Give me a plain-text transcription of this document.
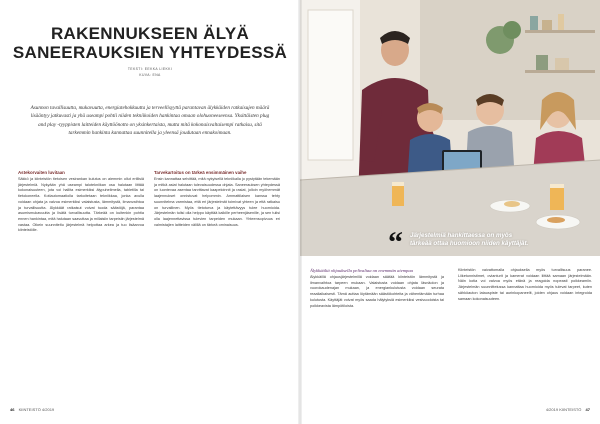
RAKENNUKSEEN ÄLYÄ SANEERAUKSIEN YHTEYDESSÄ
TEKSTI: EEKKA LIEKKI
KUVA: ENA

Asunnon tavallisuutta, mukavuutta, energiatehokkuutta ja terveellisyyttä parantavan älykkäiden ratkaisujen määrä lisääntyy jatkuvasti ja yhä useampi pohtii niiden tekniikoiden hankintaa omaan olohuoneeseensa. Yksittäisten plug and play -tyyppisten laitteiden käyttöönotto on yksinkertaista, mutta mitä kokonaisvaltaisempi ratkaisu, sitä tarkemmin hankinta kannattaa suunnitella ja yleensä joudutaan ennakoimaan.

Astekorvaiten luvitaan

Säkkö ja kiinteistön tietoisen vesirankan kulutus on aiemmin ollut erillisiä järjestelmiä. Nykyään yhä useampi talotekniikan osa halutaan liittää kokonaisuuteen, jota voi hallita esimerkiksi älypuhelimella, tabletilla tai tietokoneella. Kotiautomaatiolla tarkoitetaan tekniikkaa, jonka avulla voidaan ohjata ja valvoa esimerkiksi valaistusta, lämmitystä, ilmanvaihtoa ja turvallisuutta. Älykkäät ratkaisut voivat tuoda säästöjä, parantaa asumismukavuutta ja lisätä turvallisuutta. Tärkeää on kuitenkin pohtia ennen hankintaa, mitä halutaan saavuttaa ja millaisiin tarpeisiin järjestelmä vastaa. Oikein suunniteltu järjestelmä helpottaa arkea ja tuo lisäarvoa kiinteistölle.

Tarvekartoitus on tärkeä ensimmäinen vaihe

Ensin kannattaa selvittää, mitä nykyisellä tekniikalla jo pystytään tekemään ja mitkä asiat halutaan tulevaisuudessa ohjata. Saneerauksen yhteydessä on luontevaa asentaa tarvittavat kaapeloinnit ja rasiat, jolloin myöhemmät laajennukset onnistuvat helpommin. Ammattilaisen kanssa tehty suunnitelma varmistaa, että eri järjestelmät toimivat yhteen ja että ratkaisu on turvallinen. Myös tietoturva ja käytettävyys tulee huomioida. Järjestelmän tulisi olla helppo käyttää kaikille perheenjäsenille, ja sen tulisi olla laajennettavissa tulevien tarpeiden mukaan. Yhteensopivuus eri valmistajien laitteiden välillä on tärkeä ominaisuus.

46 KIINTEISTÖ 4/2019
“ Järjestelmiä hankittaessa on myös tärkeää ottaa huomioon niiden käyttäjät.

Älykkäältä ohjauksella pelivaltaa on enemmän aiempaa

Älykkäillä ohjausjärjestelmillä voidaan säätää kiinteistön lämmitystä ja ilmanvaihtoa tarpeen mukaan. Valaistusta voidaan ohjata läsnäolon ja vuorokaudenajan mukaan, ja energiankulutusta voidaan seurata reaaliaikaisesti. Tämä auttaa löytämään säästökohteita ja vähentämään turhaa kulutusta. Käyttäjät voivat myös saada hälytyksiä esimerkiksi vesivuodoista tai poikkeavista lämpötiloista.

Kiinteistön vaivattomalla ohjauksella myös turvallisuus paranee. Liiketunnistimet, ovianturit ja kamerat voidaan liittää samaan järjestelmään. Näin kotia voi valvoa myös etänä ja reagoida nopeasti poikkeamiin. Järjestelmän suunnittelussa kannattaa huomioida myös tulevat tarpeet, kuten sähköauton latauspiste tai aurinkopaneelit, joiden ohjaus voidaan integroida samaan kokonaisuuteen.

4/2019 KIINTEISTÖ 47
